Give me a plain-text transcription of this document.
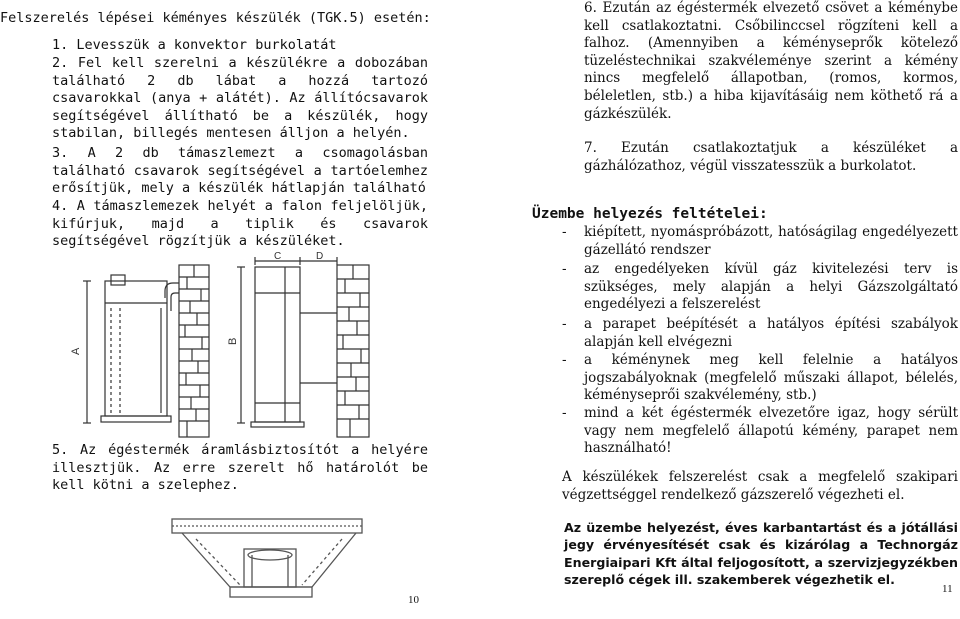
Felszerelés lépései kéményes készülék (TGK.5) esetén:
1. Levesszük a konvektor burkolatát
2. Fel kell szerelni a készülékre a dobozában található 2 db lábat a hozzá tartozó csavarokkal (anya + alátét). Az állítócsavarok segítségével állítható be a készülék, hogy stabilan, billegés mentesen álljon a helyén.
3. A 2 db támaszlemezt a csomagolásban található csavarok segítségével a tartóelemhez erősítjük, mely a készülék hátlapján található
4. A támaszlemezek helyét a falon feljelöljük, kifúrjuk, majd a tiplik és csavarok segítségével rögzítjük a készüléket.
A
B
C	D
5. Az égéstermék áramlásbiztosítót a helyére illesztjük. Az erre szerelt hő határolót be kell kötni a szelephez.
10
6. Ezután az égéstermék elvezető csövet a kéménybe kell csatlakoztatni. Csőbilinccsel rögzíteni kell a falhoz. (Amennyiben a kéményseprők kötelező tüzeléstechnikai szakvéleménye szerint a kémény nincs megfelelő állapotban, (romos, kormos, béleletlen, stb.) a hiba kijavításáig nem köthető rá a gázkészülék.
7. Ezután csatlakoztatjuk a készüléket a gázhálózathoz, végül visszatesszük a burkolatot.
Üzembe helyezés feltételei:
- kiépített, nyomáspróbázott, hatóságilag engedélyezett gázellátó rendszer
- az engedélyeken kívül gáz kivitelezési terv is szükséges, mely alapján a helyi Gázszolgáltató engedélyezi a felszerelést
- a parapet beépítését a hatályos építési szabályok alapján kell elvégezni
- a kéménynek meg kell felelnie a hatályos jogszabályoknak (megfelelő műszaki állapot, bélelés, kéményseprői szakvélemény, stb.)
- mind a két égéstermék elvezetőre igaz, hogy sérült vagy nem megfelelő állapotú kémény, parapet nem használható!
A készülékek felszerelést csak a megfelelő szakipari végzettséggel rendelkező gázszerelő végezheti el.
Az üzembe helyezést, éves karbantartást és a jótállási jegy érvényesítését csak és kizárólag a Technorgáz Energiaipari Kft által feljogosított, a szervizjegyzékben szereplő cégek ill. szakemberek végezhetik el.
11
